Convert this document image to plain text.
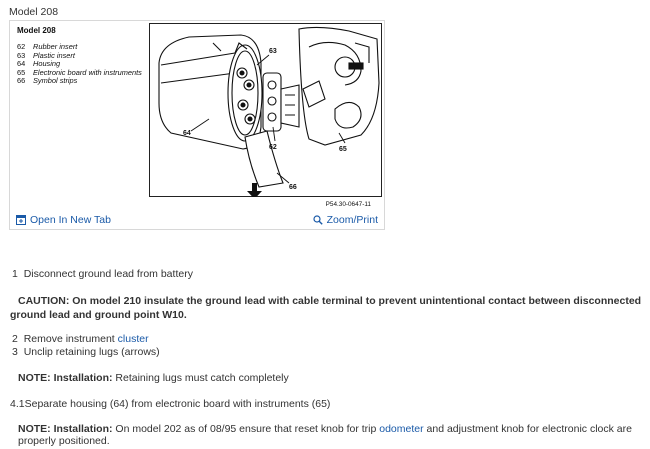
Model 208
Model 208
62	Rubber insert
63	Plastic insert
64	Housing
65	Electronic board with instruments
66	Symbol strips
64
63
62	65
66
P54.30-0647-11
Open In New Tab	Zoom/Print
1 Disconnect ground lead from battery
CAUTION: On model 210 insulate the ground lead with cable terminal to prevent unintentional contact between disconnected ground lead and ground point W10.
2 Remove instrument cluster
3 Unclip retaining lugs (arrows)
NOTE: Installation: Retaining lugs must catch completely
4.1Separate housing (64) from electronic board with instruments (65)
NOTE: Installation: On model 202 as of 08/95 ensure that reset knob for trip odometer and adjustment knob for electronic clock are properly positioned.
